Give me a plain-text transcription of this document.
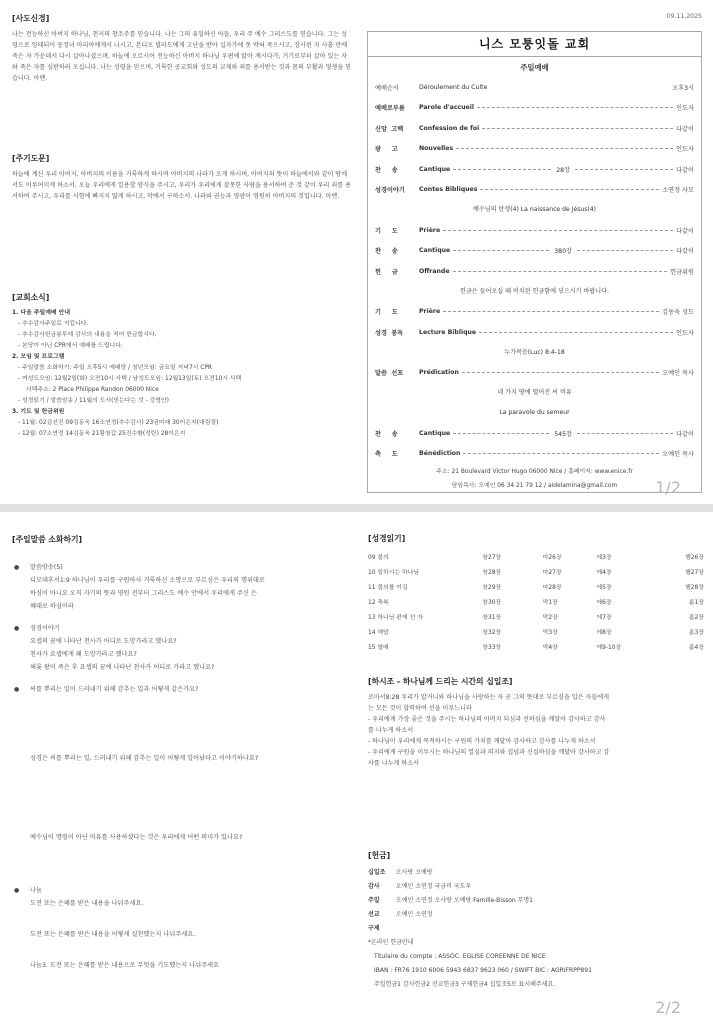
09.11.2025
[사도신경]
나는 전능하신 아버지 하나님, 천지의 창조주를 믿습니다. 나는 그의 유일하신 아들, 우리 주 예수 그리스도를 믿습니다. 그는 성령으로 잉태되어 동정녀 마리아에게서 나시고, 본디오 빌라도에게 고난을 받아 십자가에 못 박혀 죽으시고, 장사된 지 사흘 만에 죽은 자 가운데서 다시 살아나셨으며, 하늘에 오르시어 전능하신 아버지 하나님 우편에 앉아 계시다가, 거기로부터 살아 있는 자와 죽은 자를 심판하러 오십니다. 나는 성령을 믿으며, 거룩한 공교회와 성도의 교제와 죄를 용서받는 것과 몸의 부활과 영생을 믿습니다. 아멘.
[주기도문]
하늘에 계신 우리 아버지, 아버지의 이름을 거룩하게 하시며 아버지의 나라가 오게 하시며, 아버지의 뜻이 하늘에서와 같이 땅에서도 이루어지게 하소서. 오늘 우리에게 일용할 양식을 주시고, 우리가 우리에게 잘못한 사람을 용서하여 준 것 같이 우리 죄를 용서하여 주시고, 우리를 시험에 빠지지 않게 하시고, 악에서 구하소서. 나라와 권능과 영광이 영원히 아버지의 것입니다. 아멘.
[교회소식]
1. 다음 주일예배 안내
- 추수감사주일로 지킵니다.
- 추수감사헌금봉투에 감사의 내용을 적어 헌금합시다.
- 본당이 아닌 CPR에서 예배를 드립니다.
2. 모임 및 프로그램
- 주일말씀 소화하기: 주일 오후5시 예배당 / 청년모임: 금요일 저녁7시 CPR
- 여성도모임: 12월2일(화) 오전10시 사택 / 남성도모임: 12월13일(토) 오전10시 사택
사택주소: 2 Place Philippe Randon 06000 Nice
- 성경읽기 / 말씀암송 / 11월의 도서(믿는다는 것 - 강영안)
3. 기도 및 헌금위원
- 11월: 02김선진 09김동욱 16소연정(추수감사) 23권미래 30이은지(대림절)
- 12월: 07소연정 14김동욱 21황창갑 25진수환(성탄) 28이은지
니스 모퉁잇돌 교회
주일예배
예배순서	Déroulement du Culte	오후3시
예배로부름	Parole d'accueil	인도자
신앙  고백	Confession de foi	다같이
광     고	Nouvelles	인도자
찬     송	Cantique	28장	다같이
성경이야기	Contes Bibliques	소연정 사모
예수님의 탄생(4) La naissance de Jésus(4)
기     도	Prière	다같이
찬     송	Cantique	380장	다같이
헌     금	Offrande	헌금위원
헌금은 들어오실 때 비치된 헌금함에 넣으시기 바랍니다.
기     도	Prière	김동욱 성도
성경  봉독	Lecture Biblique	인도자
누가복음(Luc) 8:4-18
말씀  선포	Prédication	오예인 목사
네 가지 땅에 떨어진 씨 비유
La paravole du semeur
찬     송	Cantique	545장	다같이
축     도	Bénédiction	오예인 목사
주소: 21 Boulevard Victor Hugo 06000 Nice / 홈페이지: www.enice.fr
담임목사: 오예인 06 34 21 79 12 / aidelamina@gmail.com	1/2
[주일말씀 소화하기]
● 말씀암송(5)
디모데후서1:9 하나님이 우리를 구원하사 거룩하신 소명으로 부르심은 우리의 행위대로
하심이 아니요 오직 자기의 뜻과 영원 전부터 그리스도 예수 안에서 우리에게 주신 은
혜대로 하심이라
● 성경이야기
요셉의 꿈에 나타난 천사가 어디로 도망가라고 했나요?
천사가 요셉에게 왜 도망가라고 했나요?
헤롯 왕이 죽은 후 요셉의 꿈에 나타난 천사가 어디로 가라고 했나요?
● 씨를 뿌리는 일이 드러내기 위해 감추는 일과 어떻게 같은가요?
성경은 씨를 뿌리는 일, 드러내기 위해 감추는 일이 어떻게 일어났다고 이야기하나요?
예수님이 명령이 아닌 비유를 사용하셨다는 것은 우리에게 어떤 의미가 있나요?
● 나눔
도전 또는 은혜를 받은 내용을 나눠주세요.
도전 또는 은혜를 받은 내용을 어떻게 실천했는지 나눠주세요.
나눔3. 도전 또는 은혜를 받은 내용으로 무엇을 기도했는지 나눠주세요
[성경읽기]
09 불의	창27장	마26장	에3장	행26장
10 일하시는 하나님	창28장	마27장	에4장	행27장
11 불의를 이김	창29장	마28장	에5장	행28장
12 축복	창30장	막1장	에6장	롬1장
13 하나님 편에 선 자	창31장	막2장	에7장	롬2장
14 해답	창32장	막3장	에8장	롬3장
15 열매	창33장	막4장	에9-10장	롬4장
[하시조 - 하나님께 드리는 시간의 십일조]
로마서8:28 우리가 알거니와 하나님을 사랑하는 자 곧 그의 뜻대로 부르심을 입은 자들에게
는 모든 것이 합력하여 선을 이루느니라
- 우리에게 가장 좋은 것을 주시는 하나님의 아버지 되심과 선하심을 깨달아 감사하고 감사
를 나누게 하소서
- 하나님이 우리에게 목적하시는 구원의 가치를 깨달아 감사하고 감사를 나누게 하소서
- 우리에게 구원을 이루시는 하나님의 열심과 의지와 집념과 신실하심을 깨달아 감사하고 감
사를 나누게 하소서
[헌금]
십일조 오사랑 오예랑
감사	오예인 소연정 국금비 국도우
주일	오예인 소연정 오사랑 오예랑 Famille-Bisson 무명1
선교	오예인 소연정
구제
*온라인 헌금안내
Titulaire du compte : ASSOC. EGLISE COREENNE DE NICE
IBAN : FR76 1910 6006 5943 6837 9623 060 / SWIFT BIC : AGRIFRPP891
주일헌금1 감사헌금2 선교헌금3 구제헌금4 십일조5로 표시해주세요.
2/2
